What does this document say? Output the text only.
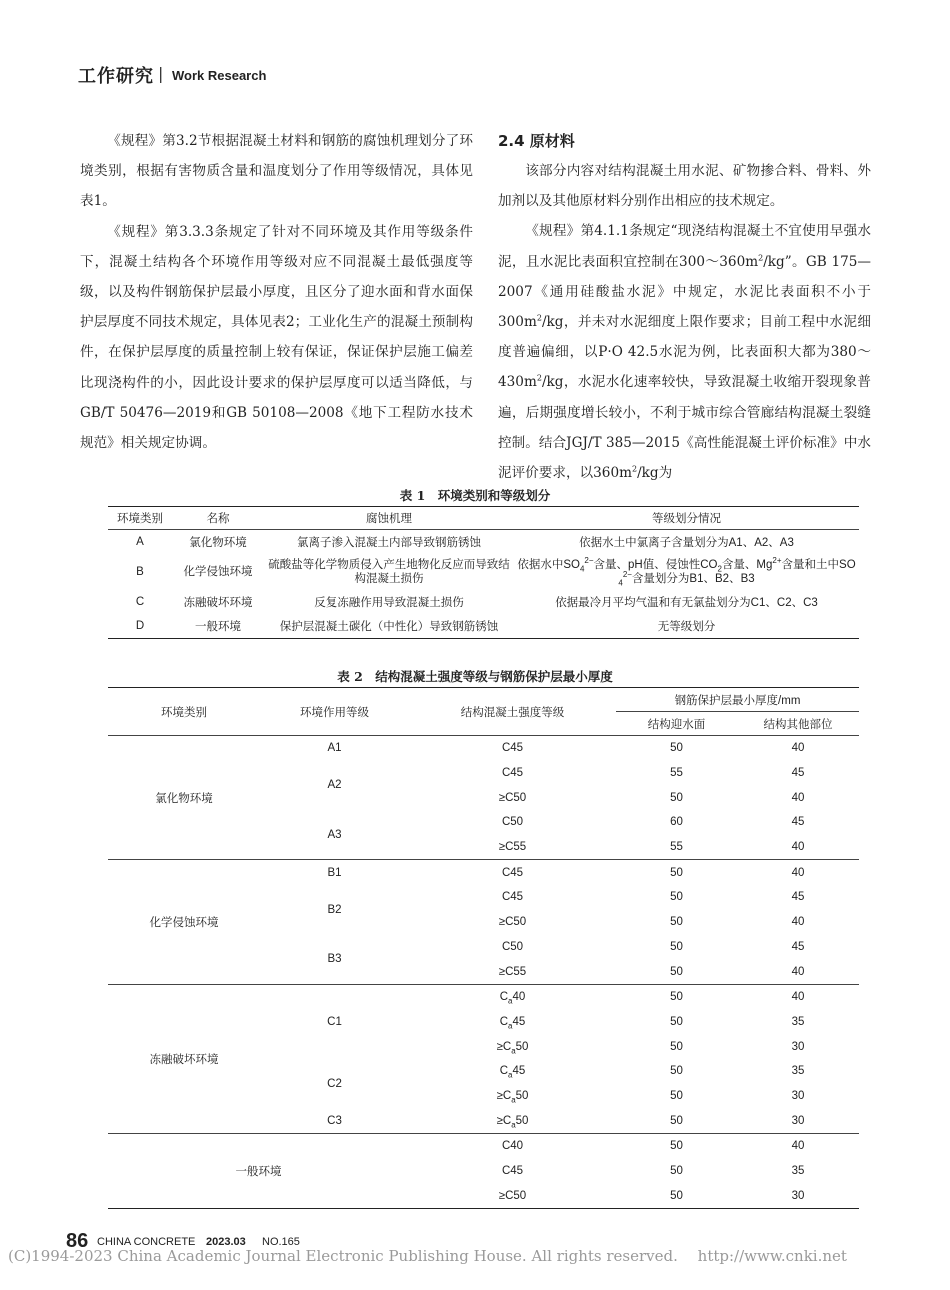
工作研究 | Work Research

《规程》第3.2节根据混凝土材料和钢筋的腐蚀机理划分了环境类别，根据有害物质含量和温度划分了作用等级情况，具体见表1。

《规程》第3.3.3条规定了针对不同环境及其作用等级条件下，混凝土结构各个环境作用等级对应不同混凝土最低强度等级，以及构件钢筋保护层最小厚度，且区分了迎水面和背水面保护层厚度不同技术规定，具体见表2；工业化生产的混凝土预制构件，在保护层厚度的质量控制上较有保证，保证保护层施工偏差比现浇构件的小，因此设计要求的保护层厚度可以适当降低，与GB/T 50476—2019和GB 50108—2008《地下工程防水技术规范》相关规定协调。

2.4 原材料

该部分内容对结构混凝土用水泥、矿物掺合料、骨料、外加剂以及其他原材料分别作出相应的技术规定。

《规程》第4.1.1条规定“现浇结构混凝土不宜使用早强水泥，且水泥比表面积宜控制在$300\sim 360m^2/kg$”。GB 175—2007《通用硅酸盐水泥》中规定，水泥比表面积不小于$300m^2/kg$，并未对水泥细度上限作要求；目前工程中水泥细度普遍偏细，以P·O 42.5水泥为例，比表面积大都为$380\sim 430m^2/kg$，水泥水化速率较快，导致混凝土收缩开裂现象普遍，后期强度增长较小，不利于城市综合管廊结构混凝土裂缝控制。结合JGJ/T 385—2015《高性能混凝土评价标准》中水泥评价要求，以$360m^2/kg$为

表 1　环境类别和等级划分
环境类别	名称	腐蚀机理	等级划分情况
A	氯化物环境	氯离子渗入混凝土内部导致钢筋锈蚀	依据水土中氯离子含量划分为A1、A2、A3
B	化学侵蚀环境	硫酸盐等化学物质侵入产生地物化反应而导致结构混凝土损伤	依据水中$SO_4^{2-}$含量、pH值、侵蚀性$CO_2$含量、$Mg^{2+}$含量和土中SO
$_4^{2-}$含量划分为B1、B2、B3
C	冻融破坏环境	反复冻融作用导致混凝土损伤	依据最冷月平均气温和有无氯盐划分为C1、C2、C3
D	一般环境	保护层混凝土碳化（中性化）导致钢筋锈蚀	无等级划分
表 2　结构混凝土强度等级与钢筋保护层最小厚度
环境类别	环境作用等级	结构混凝土强度等级	钢筋保护层最小厚度/mm	
			结构迎水面	结构其他部位
氯化物环境	A1	C45	50	40
	A2	C45	55	45
		≥C50	50	40
	A3	C50	60	45
		≥C55	55	40
化学侵蚀环境	B1	C45	50	40
	B2	C45	50	45
		≥C50	50	40
	B3	C50	50	45
		≥C55	50	40
冻融破坏环境	C1	$C_a40$	50	40
		$C_a45$	50	35
		$\ge C_a50$	50	30
	C2	$C_a45$	50	35
		$\ge C_a50$	50	30
	C3	$\ge C_a50$	50	30
一般环境		C40	50	40
		C45	50	35
		≥C50	50	30
86 CHINA CONCRETE 2023.03 NO.165
(C)1994-2023 China Academic Journal Electronic Publishing House. All rights reserved.　 http://www.cnki.net
